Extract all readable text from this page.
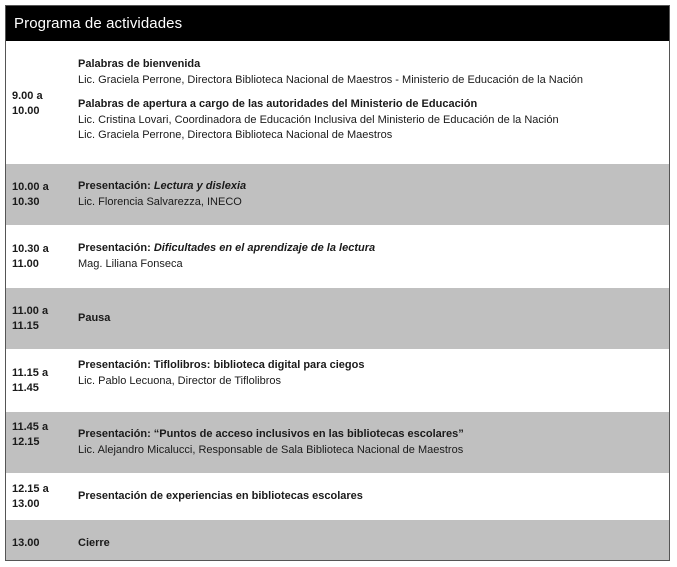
Programa de actividades
9.00 a
10.00
Palabras de bienvenida
Lic. Graciela Perrone, Directora Biblioteca Nacional de Maestros - Ministerio de Educación de la Nación
Palabras de apertura a cargo de las autoridades del Ministerio de Educación
Lic. Cristina Lovari, Coordinadora de Educación Inclusiva del Ministerio de Educación de la Nación
Lic. Graciela Perrone, Directora Biblioteca Nacional de Maestros
10.00 a
10.30
Presentación: Lectura y dislexia
Lic. Florencia Salvarezza, INECO
10.30 a
11.00
Presentación: Dificultades en el aprendizaje de la lectura
Mag. Liliana Fonseca
11.00 a
11.15
Pausa
11.15 a
11.45
Presentación: Tiflolibros: biblioteca digital para ciegos
Lic. Pablo Lecuona, Director de Tiflolibros
11.45 a
12.15
Presentación: “Puntos de acceso inclusivos en las bibliotecas escolares”
Lic. Alejandro Micalucci, Responsable de Sala Biblioteca Nacional de Maestros
12.15 a
13.00
Presentación de experiencias en bibliotecas escolares
13.00	Cierre
